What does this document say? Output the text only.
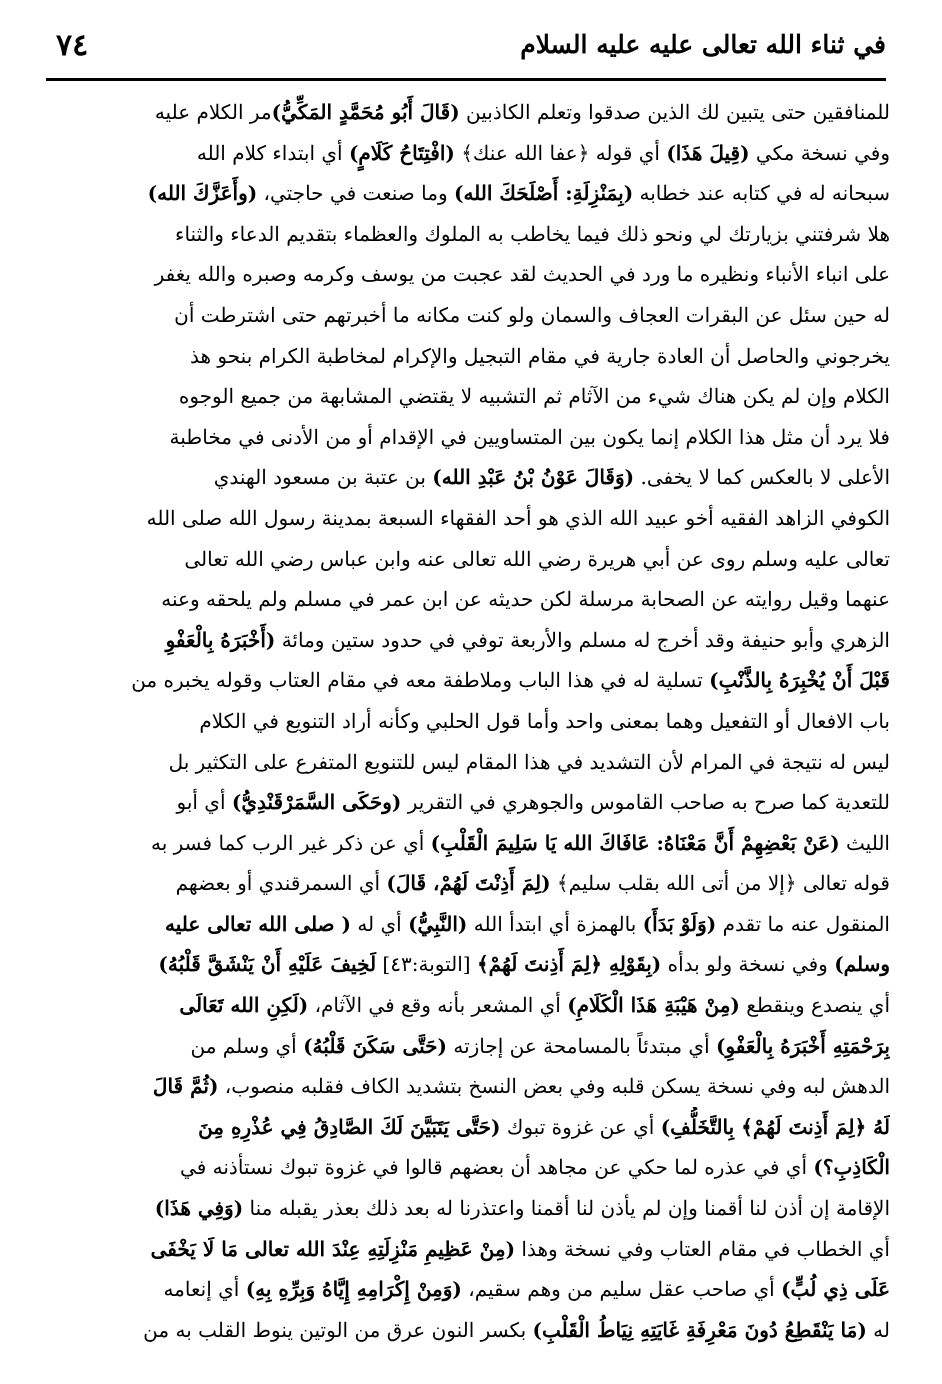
في ثناء الله تعالى عليه عليه السلام
٧٤
للمنافقين حتى يتبين لك الذين صدقوا وتعلم الكاذبين (قَالَ أَبُو مُحَمَّدٍ المَكِّيُّ)مر الكلام عليه
وفي نسخة مكي (قِيلَ هَذَا) أي قوله ﴿عفا الله عنك﴾ (افْتِتَاحُ كَلَامٍ) أي ابتداء كلام الله
سبحانه له في كتابه عند خطابه (بِمَنْزِلَةِ: أَصْلَحَكَ الله) وما صنعت في حاجتي، (وأَعَزَّكَ الله)
هلا شرفتني بزيارتك لي ونحو ذلك فيما يخاطب به الملوك والعظماء بتقديم الدعاء والثناء
على انباء الأنباء ونظيره ما ورد في الحديث لقد عجبت من يوسف وكرمه وصبره والله يغفر
له حين سئل عن البقرات العجاف والسمان ولو كنت مكانه ما أخبرتهم حتى اشترطت أن
يخرجوني والحاصل أن العادة جارية في مقام التبجيل والإكرام لمخاطبة الكرام بنحو هذ
الكلام وإن لم يكن هناك شيء من الآثام ثم التشبيه لا يقتضي المشابهة من جميع الوجوه
فلا يرد أن مثل هذا الكلام إنما يكون بين المتساويين في الإقدام أو من الأدنى في مخاطبة
الأعلى لا بالعكس كما لا يخفى. (وَقَالَ عَوْنُ بْنُ عَبْدِ الله) بن عتبة بن مسعود الهندي
الكوفي الزاهد الفقيه أخو عبيد الله الذي هو أحد الفقهاء السبعة بمدينة رسول الله صلى الله
تعالى عليه وسلم روى عن أبي هريرة رضي الله تعالى عنه وابن عباس رضي الله تعالى
عنهما وقيل روايته عن الصحابة مرسلة لكن حديثه عن ابن عمر في مسلم ولم يلحقه وعنه
الزهري وأبو حنيفة وقد أخرج له مسلم والأربعة توفي في حدود ستين ومائة (أَخْبَرَهُ بِالْعَفْوِ
قَبْلَ أَنْ يُخْبِرَهُ بِالذَّنْبِ) تسلية له في هذا الباب وملاطفة معه في مقام العتاب وقوله يخبره من
باب الافعال أو التفعيل وهما بمعنى واحد وأما قول الحلبي وكأنه أراد التنويع في الكلام
ليس له نتيجة في المرام لأن التشديد في هذا المقام ليس للتنويع المتفرع على التكثير بل
للتعدية كما صرح به صاحب القاموس والجوهري في التقرير (وحَكَى السَّمَرْقَنْدِيُّ) أي أبو
الليث (عَنْ بَعْضِهِمْ أَنَّ مَعْنَاهُ: عَافَاكَ الله يَا سَلِيمَ الْقَلْبِ) أي عن ذكر غير الرب كما فسر به
قوله تعالى ﴿إلا من أتى الله بقلب سليم﴾ (لِمَ أَذِنْتَ لَهُمْ، قَالَ) أي السمرقندي أو بعضهم
المنقول عنه ما تقدم (وَلَوْ بَدَأَ) بالهمزة أي ابتدأ الله (النَّبِيُّ) أي له ( صلى الله تعالى عليه
وسلم) وفي نسخة ولو بدأه (بِقَوْلِهِ ﴿لِمَ أَذِنتَ لَهُمْ﴾ [التوبة:٤٣] لَخِيفَ عَلَيْهِ أَنْ يَنْشَقَّ قَلْبُهُ)
أي ينصدع وينقطع (مِنْ هَيْبَةِ هَذَا الْكَلَامِ) أي المشعر بأنه وقع في الآثام، (لَكِنِ الله تَعَالَى
بِرَحْمَتِهِ أَخْبَرَهُ بِالْعَفْوِ) أي مبتدئاً بالمسامحة عن إجازته (حَتَّى سَكَنَ قَلْبُهُ) أي وسلم من
الدهش لبه وفي نسخة يسكن قلبه وفي بعض النسخ بتشديد الكاف فقلبه منصوب، (ثُمَّ قَالَ
لَهُ ﴿لِمَ أَذِنتَ لَهُمْ﴾ بِالتَّخَلُّفِ) أي عن غزوة تبوك (حَتَّى يَتَبَيَّنَ لَكَ الصَّادِقُ فِي عُذْرِهِ مِنَ
الْكَاذِبِ؟) أي في عذره لما حكي عن مجاهد أن بعضهم قالوا في غزوة تبوك نستأذنه في
الإقامة إن أذن لنا أقمنا وإن لم يأذن لنا أقمنا واعتذرنا له بعد ذلك بعذر يقبله منا (وَفِي هَذَا)
أي الخطاب في مقام العتاب وفي نسخة وهذا (مِنْ عَظِيمِ مَنْزِلَتِهِ عِنْدَ الله تعالى مَا لَا يَخْفَى
عَلَى ذِي لُبٍّ) أي صاحب عقل سليم من وهم سقيم، (وَمِنْ إِكْرَامِهِ إِيَّاهُ وَبِرِّهِ بِهِ) أي إنعامه
له (مَا يَنْقَطِعُ دُونَ مَعْرِفَةِ غَايَتِهِ نِيَاطُ الْقَلْبِ) بكسر النون عرق من الوتين ينوط القلب به من
